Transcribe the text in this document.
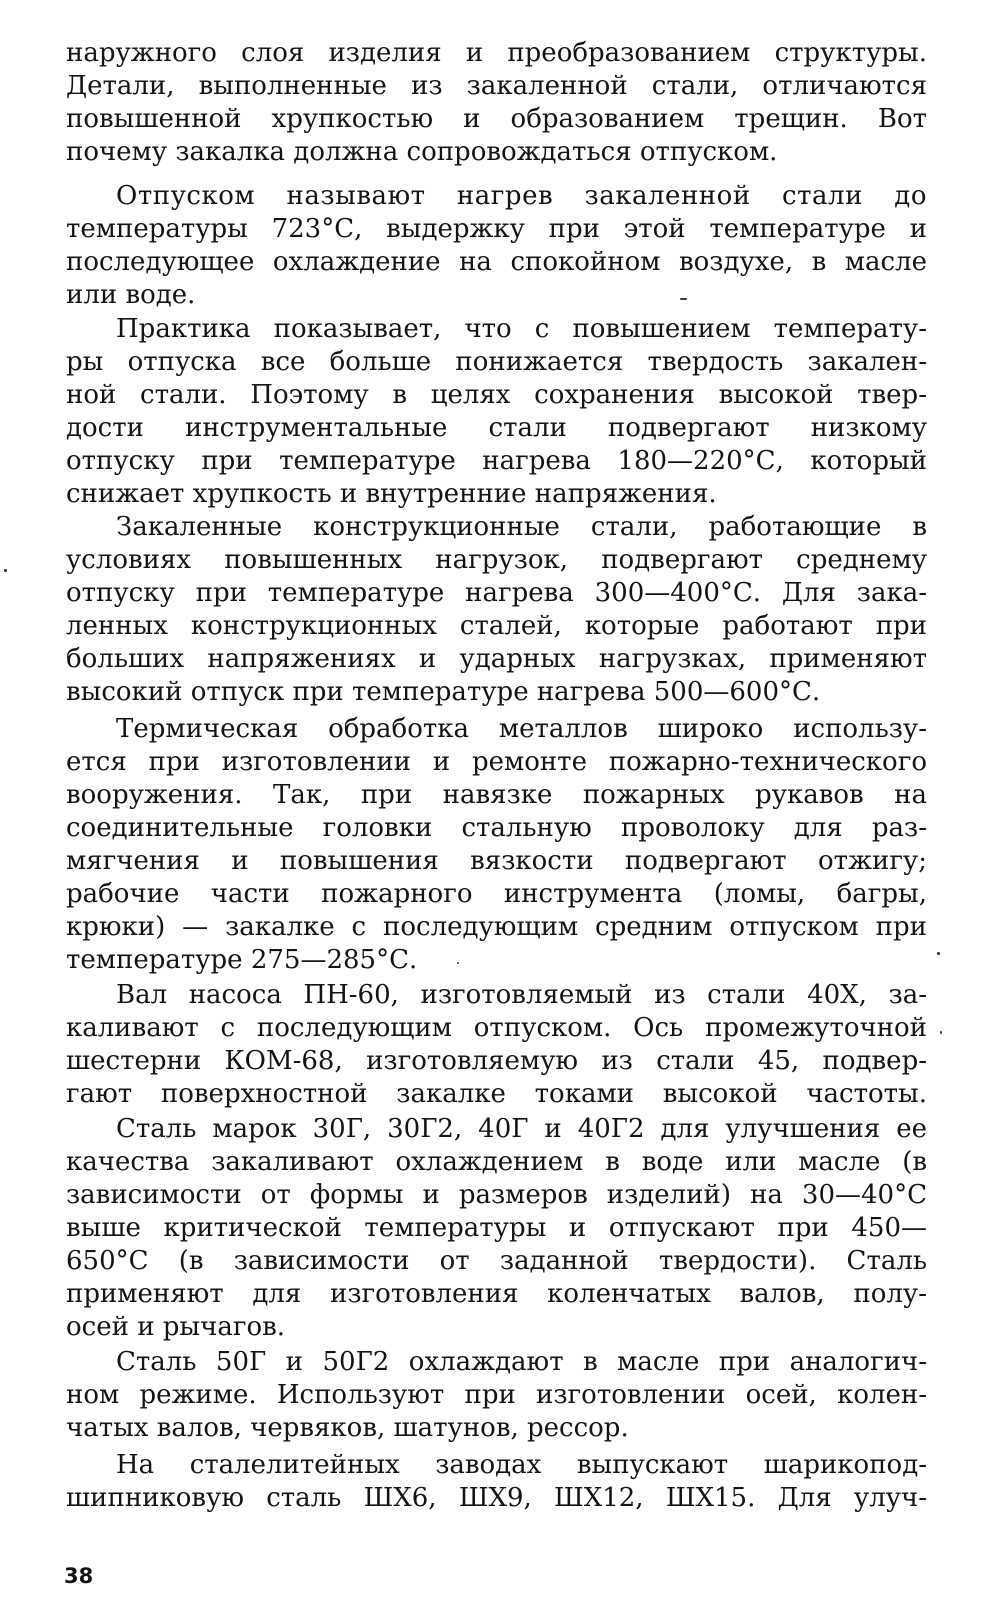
наружного слоя изделия и преобразованием структуры.
Детали, выполненные из закаленной стали, отличаются
повышенной хрупкостью и образованием трещин. Вот
почему закалка должна сопровождаться отпуском.
Отпуском называют нагрев закаленной стали до
температуры 723°С, выдержку при этой температуре и
последующее охлаждение на спокойном воздухе, в масле
или воде.
Практика показывает, что с повышением температу-
ры отпуска все больше понижается твердость закален-
ной стали. Поэтому в целях сохранения высокой твер-
дости инструментальные стали подвергают низкому
отпуску при температуре нагрева 180—220°С, который
снижает хрупкость и внутренние напряжения.
Закаленные конструкционные стали, работающие в
условиях повышенных нагрузок, подвергают среднему
отпуску при температуре нагрева 300—400°С. Для зака-
ленных конструкционных сталей, которые работают при
больших напряжениях и ударных нагрузках, применяют
высокий отпуск при температуре нагрева 500—600°С.
Термическая обработка металлов широко использу-
ется при изготовлении и ремонте пожарно-технического
вооружения. Так, при навязке пожарных рукавов на
соединительные головки стальную проволоку для раз-
мягчения и повышения вязкости подвергают отжигу;
рабочие части пожарного инструмента (ломы, багры,
крюки) — закалке с последующим средним отпуском при
температуре 275—285°С.
Вал насоса ПН-60, изготовляемый из стали 40Х, за-
каливают с последующим отпуском. Ось промежуточной
шестерни КОМ-68, изготовляемую из стали 45, подвер-
гают поверхностной закалке токами высокой частоты.
Сталь марок 30Г, 30Г2, 40Г и 40Г2 для улучшения ее
качества закаливают охлаждением в воде или масле (в
зависимости от формы и размеров изделий) на 30—40°С
выше критической температуры и отпускают при 450—
650°С (в зависимости от заданной твердости). Сталь
применяют для изготовления коленчатых валов, полу-
осей и рычагов.
Сталь 50Г и 50Г2 охлаждают в масле при аналогич-
ном режиме. Используют при изготовлении осей, колен-
чатых валов, червяков, шатунов, рессор.
На сталелитейных заводах выпускают шарикопод-
шипниковую сталь ШХ6, ШХ9, ШХ12, ШХ15. Для улуч-
38
